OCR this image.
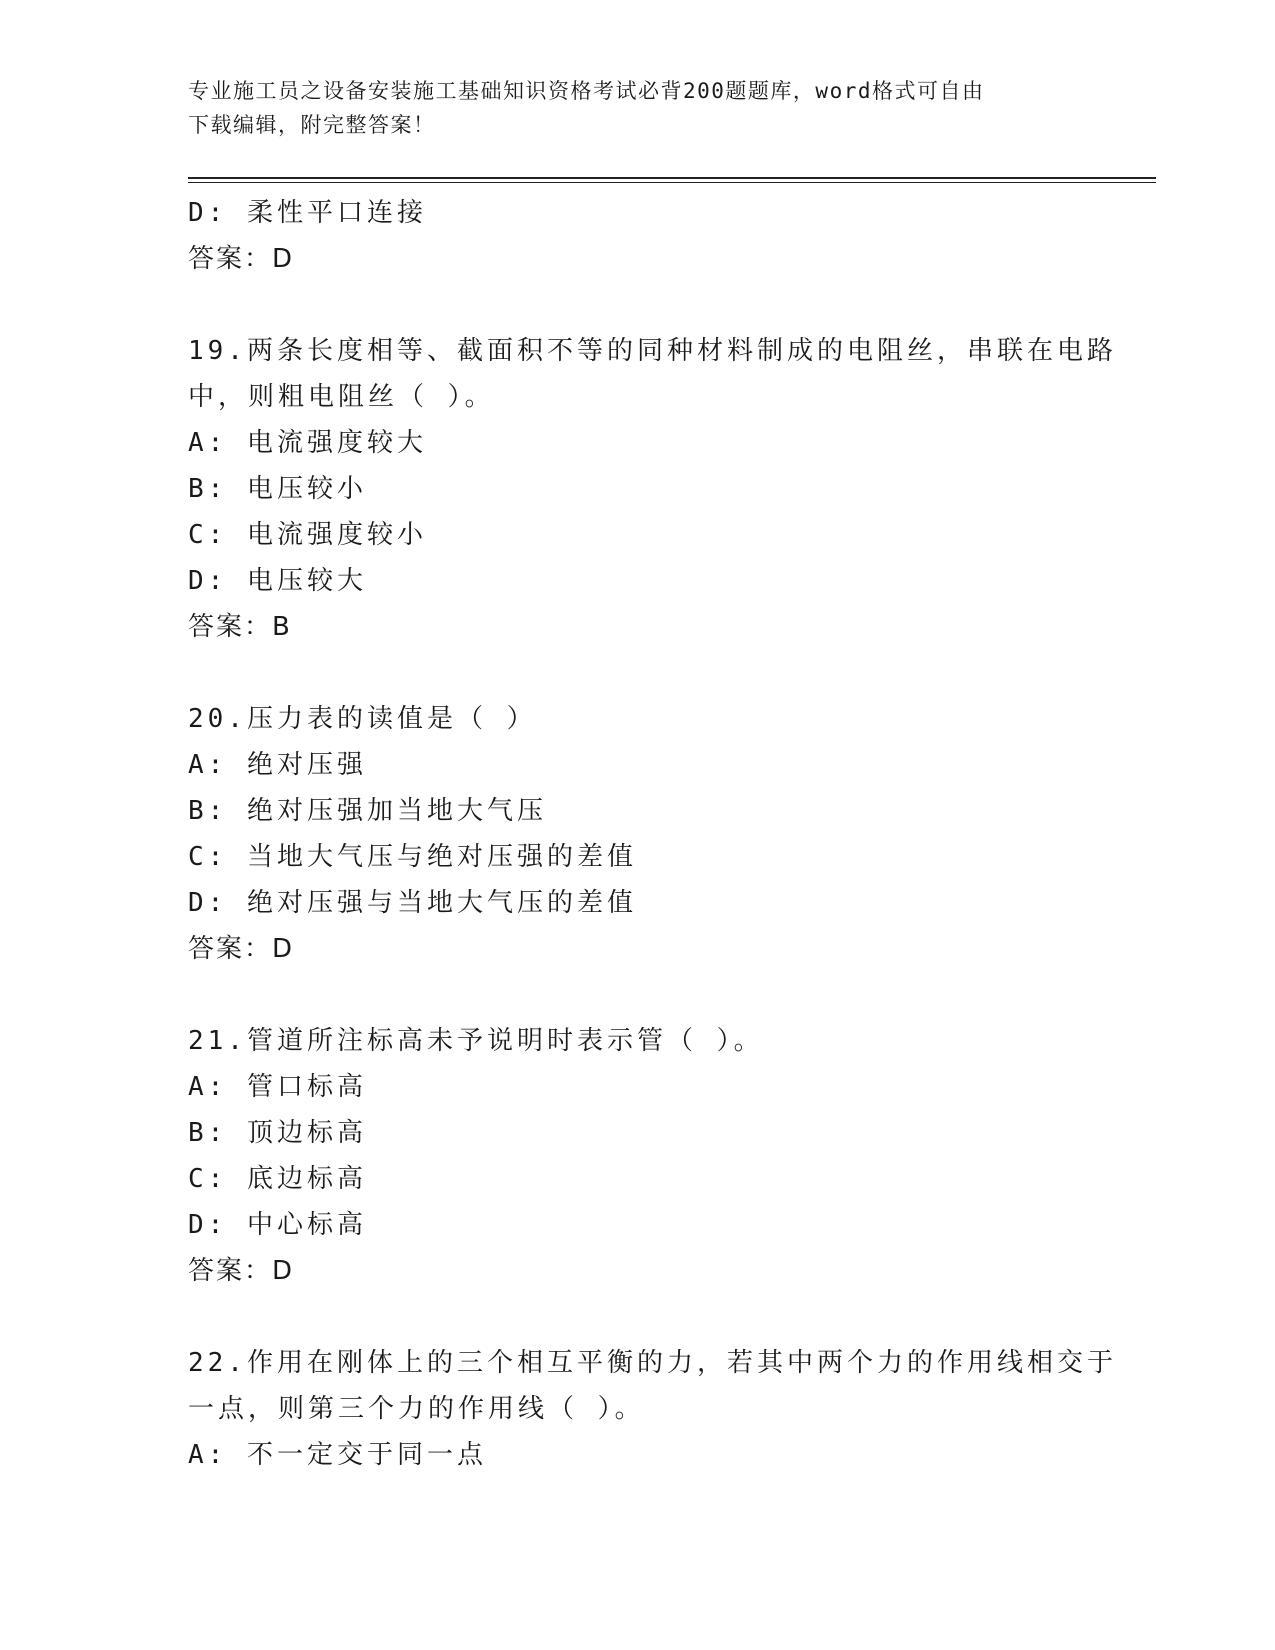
专业施工员之设备安装施工基础知识资格考试必背200题题库，word格式可自由
下载编辑，附完整答案！
D: 柔性平口连接
答案：D
19.两条长度相等、截面积不等的同种材料制成的电阻丝，串联在电路
中，则粗电阻丝（ ）。
A: 电流强度较大
B: 电压较小
C: 电流强度较小
D: 电压较大
答案：B
20.压力表的读值是（ ）
A: 绝对压强
B: 绝对压强加当地大气压
C: 当地大气压与绝对压强的差值
D: 绝对压强与当地大气压的差值
答案：D
21.管道所注标高未予说明时表示管（ ）。
A: 管口标高
B: 顶边标高
C: 底边标高
D: 中心标高
答案：D
22.作用在刚体上的三个相互平衡的力，若其中两个力的作用线相交于
一点，则第三个力的作用线（ ）。
A: 不一定交于同一点
